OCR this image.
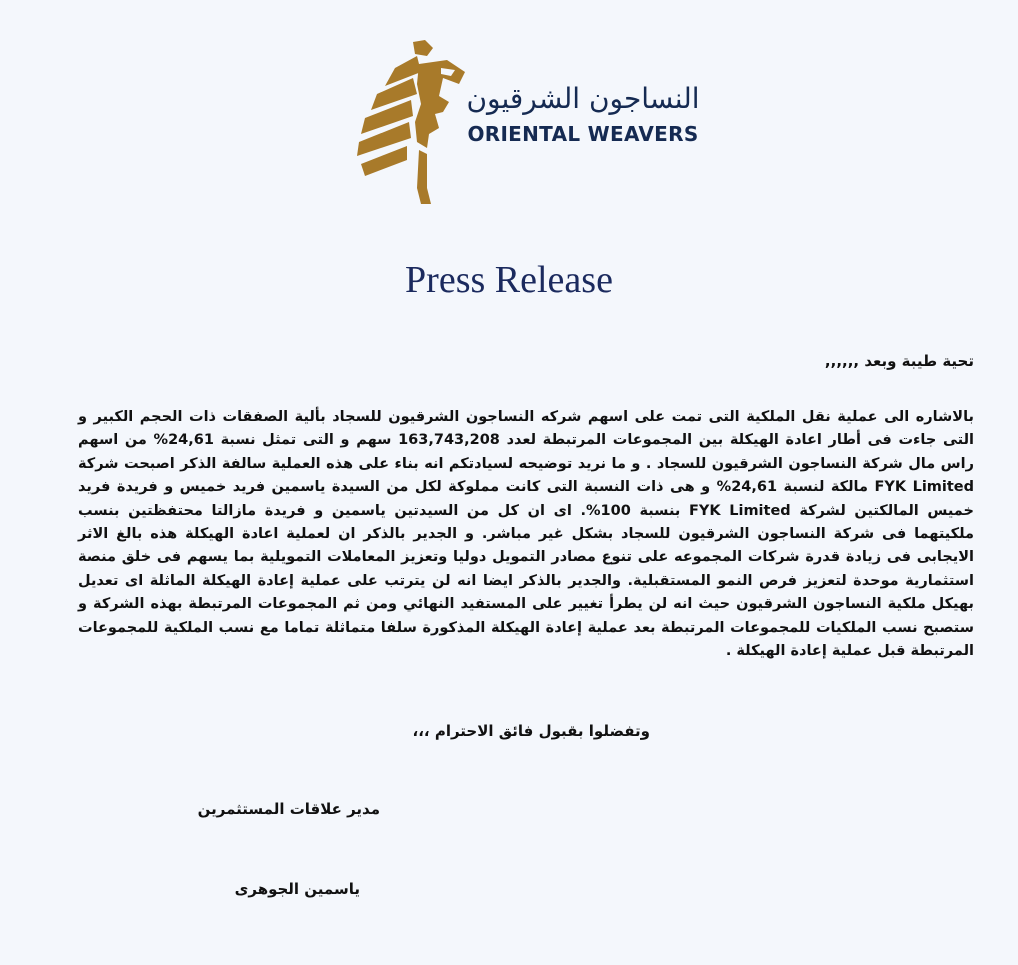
النساجون الشرقيون
ORIENTAL WEAVERS
Press Release
تحية طيبة وبعد ,,,,,,
بالاشاره الى عملية نقل الملكية التى تمت على اسهم شركه النساجون الشرقيون للسجاد بألية الصفقات ذات الحجم الكبير و التى جاءت فى أطار اعادة الهيكلة بين المجموعات المرتبطة لعدد 163,743,208 سهم و التى تمثل نسبة 24,61% من اسهم راس مال شركة النساجون الشرقيون للسجاد . و ما نريد توضيحه لسيادتكم انه بناء على هذه العملية سالفة الذكر اصبحت شركة FYK Limited مالكة لنسبة 24,61% و هى ذات النسبة التى كانت مملوكة لكل من السيدة ياسمين فريد خميس و فريدة فريد خميس المالكتين لشركة FYK Limited بنسبة 100%. اى ان كل من السيدتين ياسمين و فريدة مازالتا محتفظتين بنسب ملكيتهما فى شركة النساجون الشرقيون للسجاد بشكل غير مباشر. و الجدير بالذكر ان لعملية اعادة الهيكلة هذه بالغ الاثر الايجابى فى زيادة قدرة شركات المجموعه على تنوع مصادر التمويل دوليا وتعزيز المعاملات التمويلية بما يسهم فى خلق منصة استثمارية موحدة لتعزيز فرص النمو المستقبلية. والجدير بالذكر ايضا انه لن يترتب على عملية إعادة الهيكلة الماثلة اى تعديل بهيكل ملكية النساجون الشرقيون حيث انه لن يطرأ تغيير على المستفيد النهائي ومن ثم المجموعات المرتبطة بهذه الشركة و ستصبح نسب الملكيات للمجموعات المرتبطة بعد عملية إعادة الهيكلة المذكورة سلفا متماثلة تماما مع نسب الملكية للمجموعات المرتبطة قبل عملية إعادة الهيكلة .
وتفضلوا بقبول فائق الاحترام ،،،
مدير علاقات المستثمرين
ياسمين الجوهرى
